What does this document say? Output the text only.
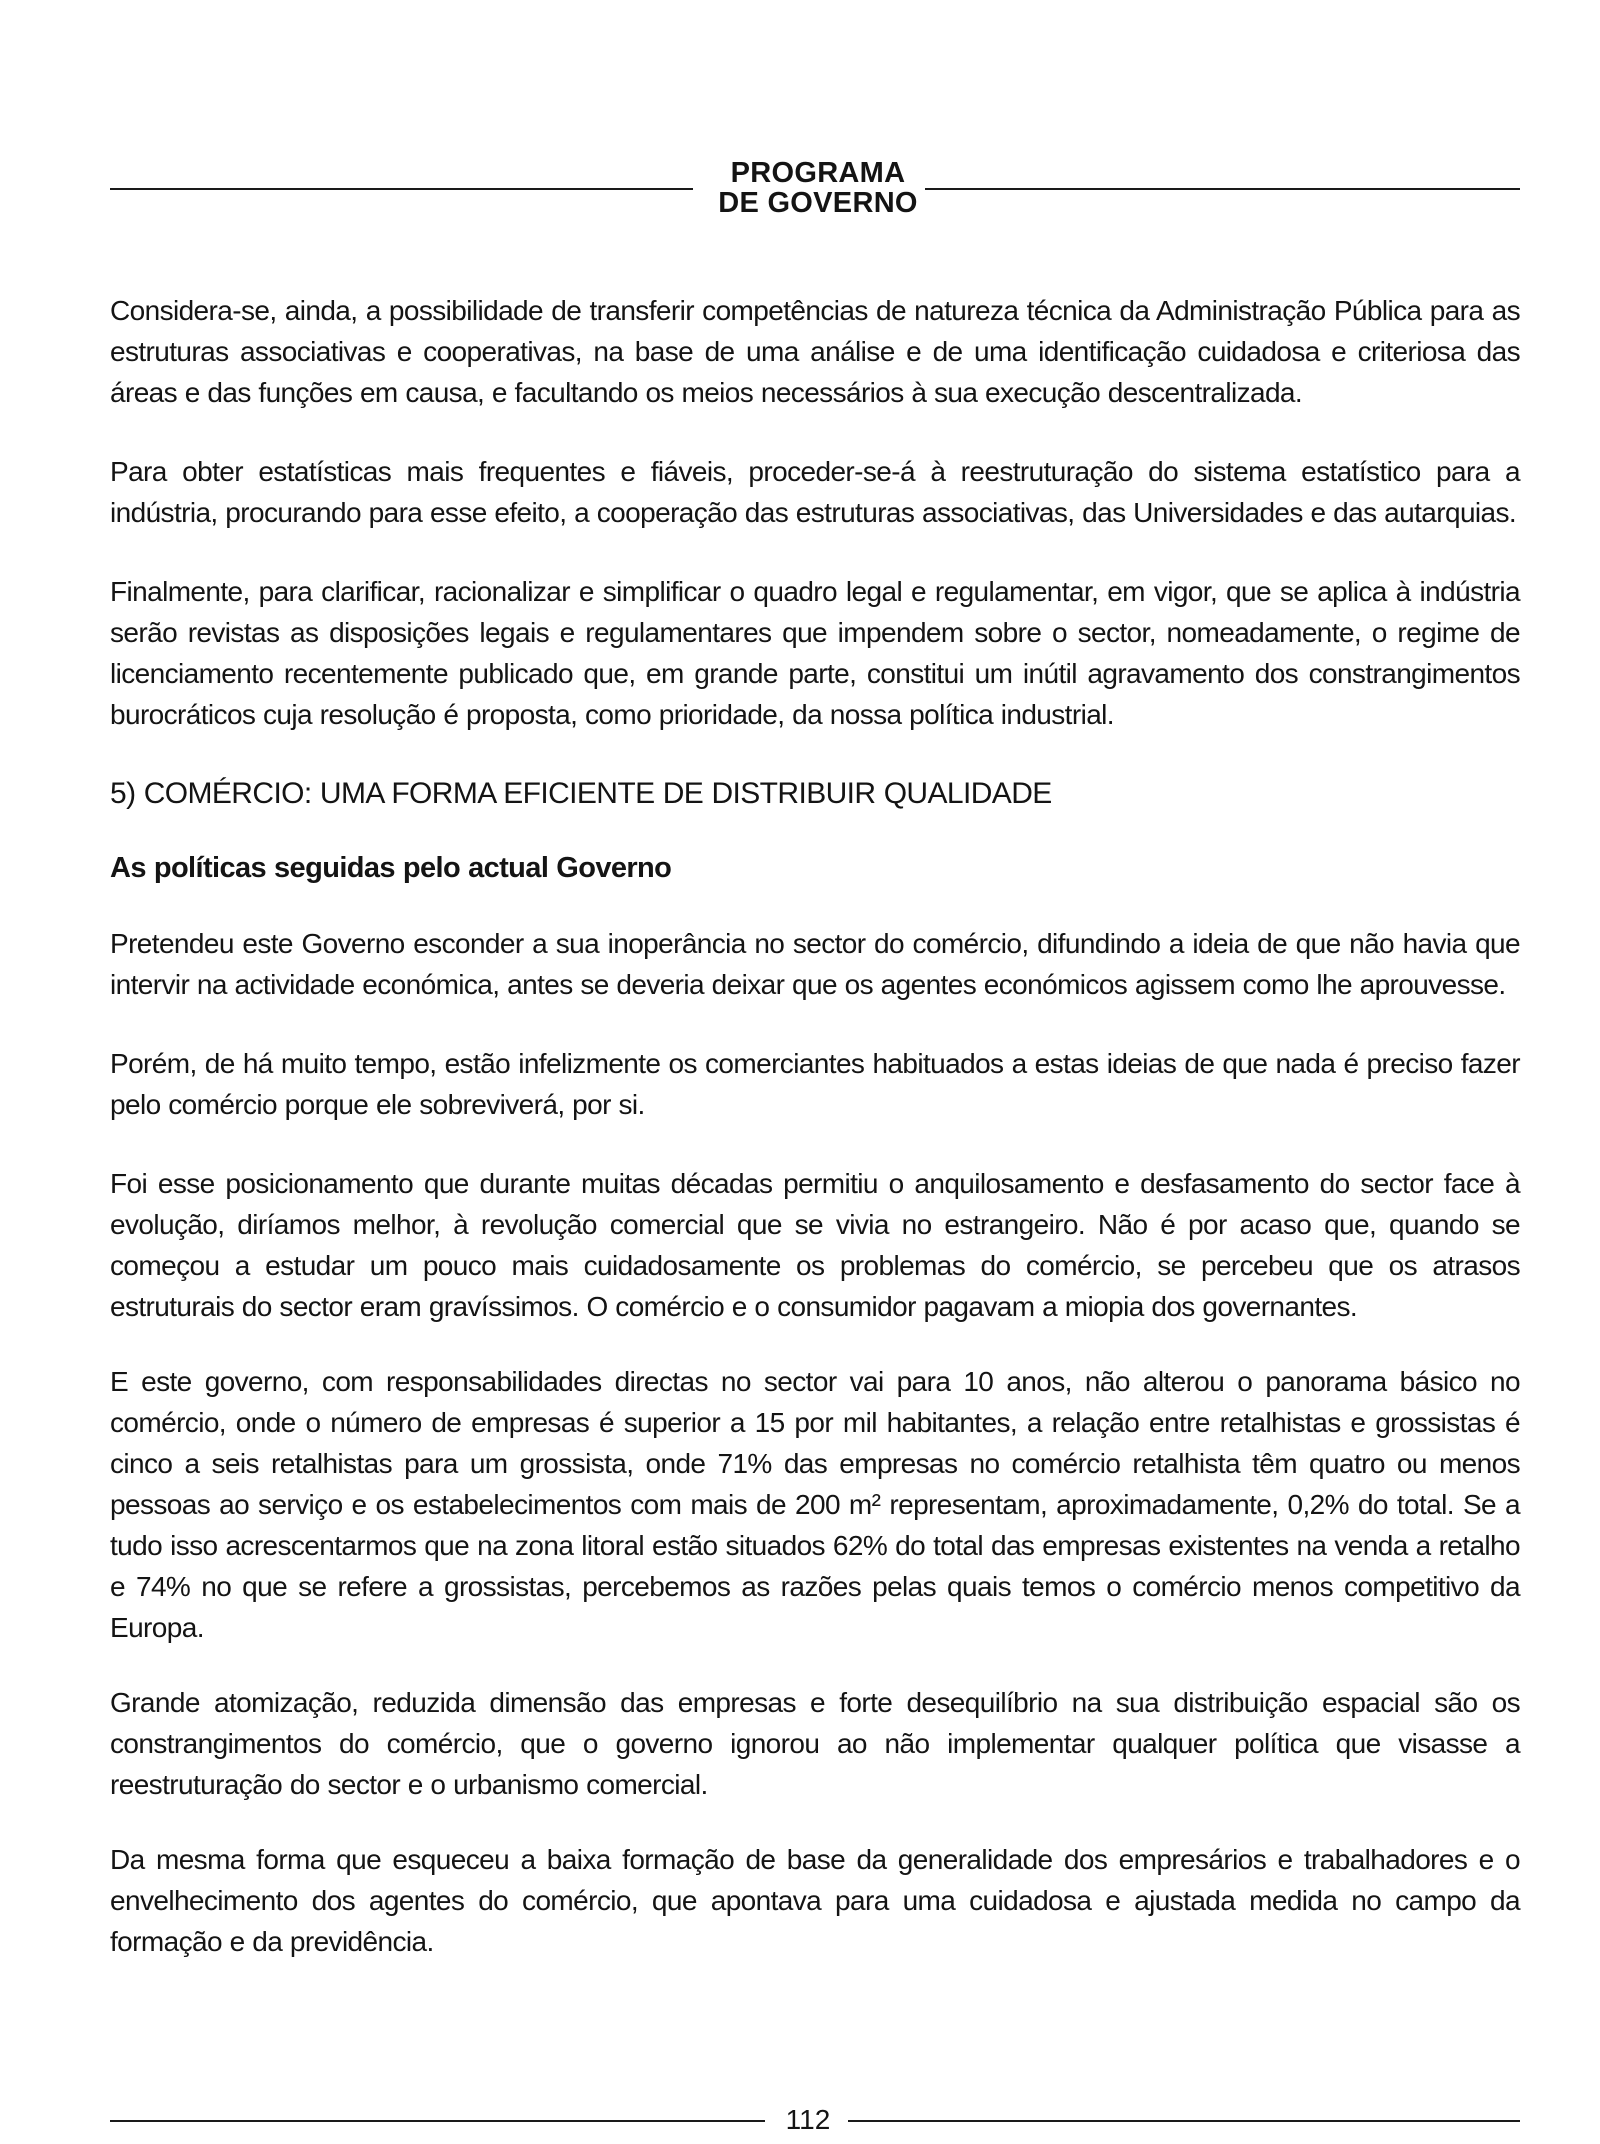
PROGRAMA
DE GOVERNO

Considera-se, ainda, a possibilidade de transferir competências de natureza técnica da Administração Pública para as estruturas associativas e cooperativas, na base de uma análise e de uma identificação cuidadosa e criteriosa das áreas e das funções em causa, e facultando os meios necessários à sua execução descentralizada.

Para obter estatísticas mais frequentes e fiáveis, proceder-se-á à reestruturação do sistema estatístico para a indústria, procurando para esse efeito, a cooperação das estruturas associativas, das Universidades e das autarquias.

Finalmente, para clarificar, racionalizar e simplificar o quadro legal e regulamentar, em vigor, que se aplica à indústria serão revistas as disposições legais e regulamentares que impendem sobre o sector, nomeadamente, o regime de licenciamento recentemente publicado que, em grande parte, constitui um inútil agravamento dos constrangimentos burocráticos cuja resolução é proposta, como prioridade, da nossa política industrial.

5) COMÉRCIO: UMA FORMA EFICIENTE DE DISTRIBUIR QUALIDADE

As políticas seguidas pelo actual Governo

Pretendeu este Governo esconder a sua inoperância no sector do comércio, difundindo a ideia de que não havia que intervir na actividade económica, antes se deveria deixar que os agentes económicos agissem como lhe aprouvesse.

Porém, de há muito tempo, estão infelizmente os comerciantes habituados a estas ideias de que nada é preciso fazer pelo comércio porque ele sobreviverá, por si.

Foi esse posicionamento que durante muitas décadas permitiu o anquilosamento e desfasamento do sector face à evolução, diríamos melhor, à revolução comercial que se vivia no estrangeiro. Não é por acaso que, quando se começou a estudar um pouco mais cuidadosamente os problemas do comércio, se percebeu que os atrasos estruturais do sector eram gravíssimos. O comércio e o consumidor pagavam a miopia dos governantes.

E este governo, com responsabilidades directas no sector vai para 10 anos, não alterou o panorama básico no comércio, onde o número de empresas é superior a 15 por mil habitantes, a relação entre retalhistas e grossistas é cinco a seis retalhistas para um grossista, onde 71% das empresas no comércio retalhista têm quatro ou menos pessoas ao serviço e os estabelecimentos com mais de 200 m² representam, aproximadamente, 0,2% do total. Se a tudo isso acrescentarmos que na zona litoral estão situados 62% do total das empresas existentes na venda a retalho e 74% no que se refere a grossistas, percebemos as razões pelas quais temos o comércio menos competitivo da Europa.

Grande atomização, reduzida dimensão das empresas e forte desequilíbrio na sua distribuição espacial são os constrangimentos do comércio, que o governo ignorou ao não implementar qualquer política que visasse a reestruturação do sector e o urbanismo comercial.

Da mesma forma que esqueceu a baixa formação de base da generalidade dos empresários e trabalhadores e o envelhecimento dos agentes do comércio, que apontava para uma cuidadosa e ajustada medida no campo da formação e da previdência.

112
